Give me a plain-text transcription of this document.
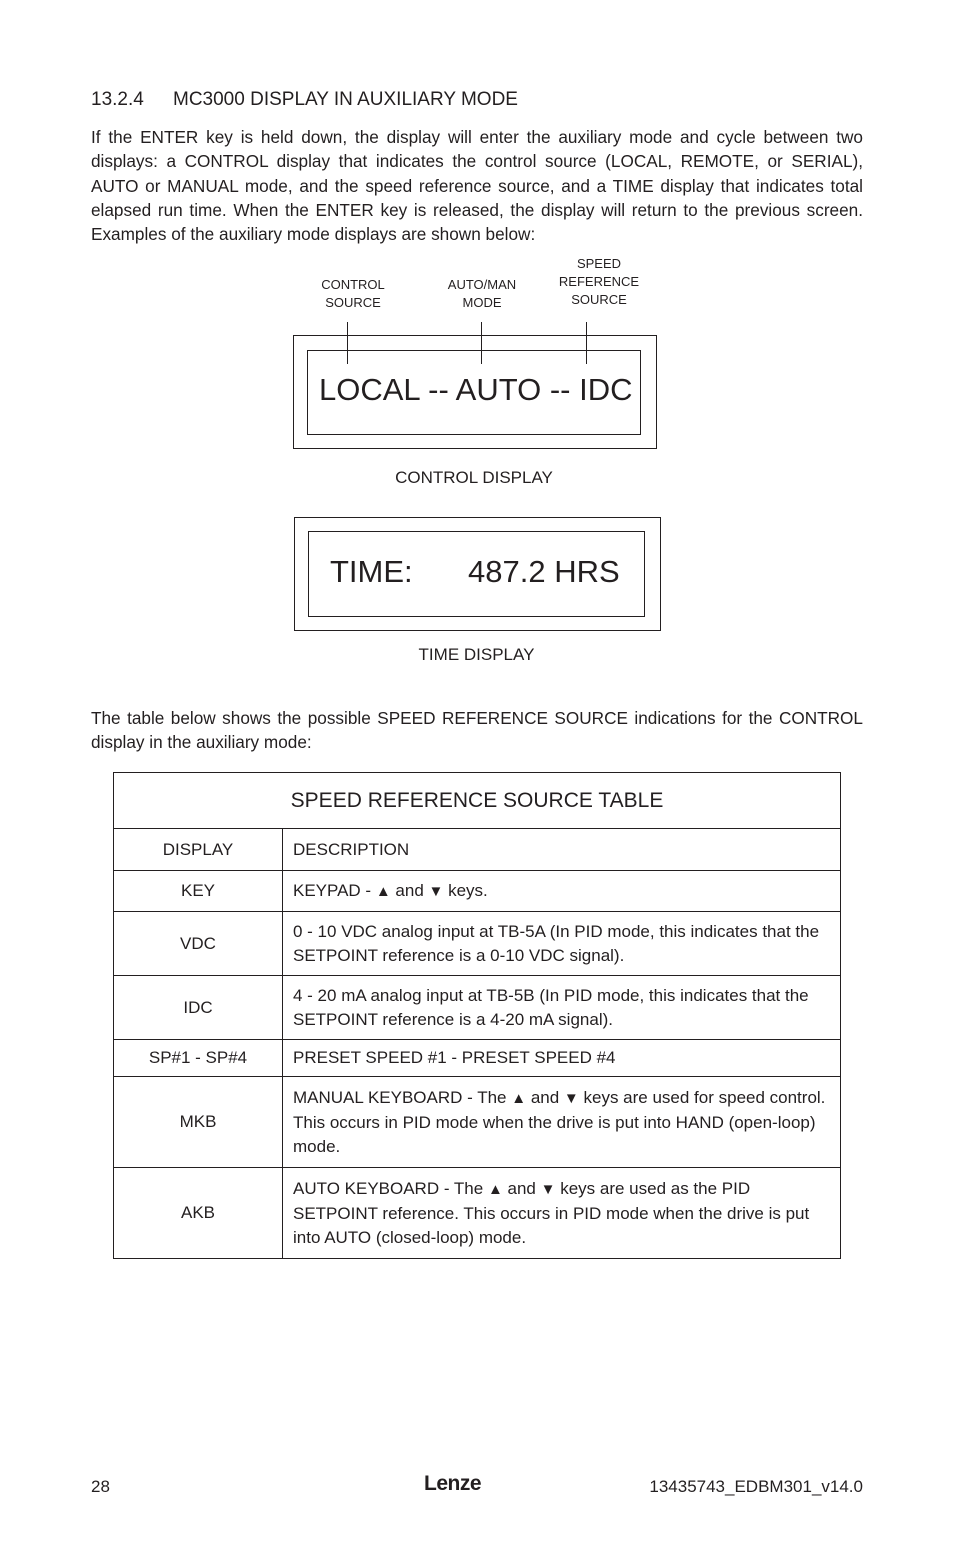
13.2.4 MC3000 DISPLAY IN AUXILIARY MODE
If the ENTER key is held down, the display will enter the auxiliary mode and cycle between two displays: a CONTROL display that indicates the control source (LOCAL, REMOTE, or SERIAL), AUTO or MANUAL mode, and the speed reference source, and a TIME display that indicates total elapsed run time. When the ENTER key is released, the display will return to the previous screen. Examples of the auxiliary mode displays are shown below:
CONTROL
SOURCE
AUTO/MAN
MODE
SPEED
REFERENCE
SOURCE
LOCAL -- AUTO -- IDC
CONTROL DISPLAY
TIME: 487.2 HRS
TIME DISPLAY
The table below shows the possible SPEED REFERENCE SOURCE indications for the CONTROL display in the auxiliary mode:
SPEED REFERENCE SOURCE TABLE	
DISPLAY	DESCRIPTION
KEY	KEYPAD - ▲ and ▼ keys.
VDC	0 - 10 VDC analog input at TB-5A (In PID mode, this indicates that the SETPOINT reference is a 0-10 VDC signal).
IDC	4 - 20 mA analog input at TB-5B (In PID mode, this indicates that the SETPOINT reference is a 4-20 mA signal).
SP#1 - SP#4	PRESET SPEED #1 - PRESET SPEED #4
MKB	MANUAL KEYBOARD - The ▲ and ▼ keys are used for speed control. This occurs in PID mode when the drive is put into HAND (open-loop) mode.
AKB	AUTO KEYBOARD - The ▲ and ▼ keys are used as the PID SETPOINT reference. This occurs in PID mode when the drive is put into AUTO (closed-loop) mode.
28	Lenze	13435743_EDBM301_v14.0
